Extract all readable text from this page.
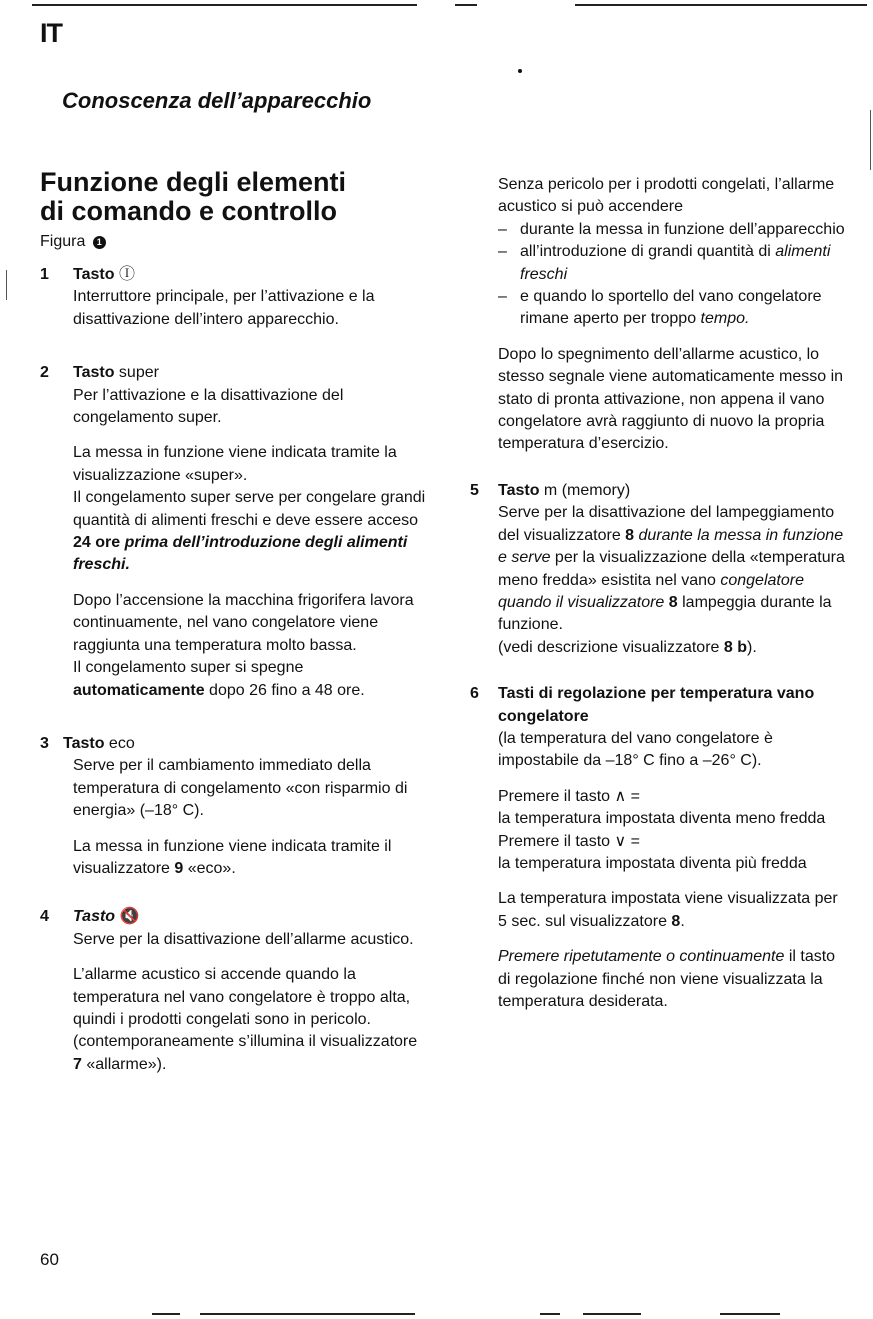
IT
Conoscenza dell’apparecchio
Funzione degli elementi
di comando e controllo
Figura 1
1	Tasto Ⓘ

Interruttore principale, per l’attivazione e la disattivazione dell’intero apparecchio.

2	Tasto super

Per l’attivazione e la disattivazione del congelamento super.

La messa in funzione viene indicata tramite la visualizzazione «super».

Il congelamento super serve per congelare grandi quantità di alimenti freschi e deve essere acceso 24 ore prima dell’introduzione degli alimenti freschi.

Dopo l’accensione la macchina frigorifera lavora continuamente, nel vano congelatore viene raggiunta una temperatura molto bassa.

Il congelamento super si spegne automaticamente dopo 26 fino a 48 ore.

3 Tasto eco

Serve per il cambiamento immediato della temperatura di congelamento «con risparmio di energia» (–18° C).

La messa in funzione viene indicata tramite il visualizzatore 9 «eco».

4	Tasto 🔇

Serve per la disattivazione dell’allarme acustico.

L’allarme acustico si accende quando la temperatura nel vano congelatore è troppo alta, quindi i prodotti congelati sono in pericolo.

(contemporaneamente s’illumina il visualizzatore 7 «allarme»).

Senza pericolo per i prodotti congelati, l’allarme acustico si può accendere

– durante la messa in funzione dell’apparecchio
– all’introduzione di grandi quantità di alimenti freschi
– e quando lo sportello del vano congelatore rimane aperto per troppo tempo.

Dopo lo spegnimento dell’allarme acustico, lo stesso segnale viene automaticamente messo in stato di pronta attivazione, non appena il vano congelatore avrà raggiunto di nuovo la propria temperatura d’esercizio.

5	Tasto m (memory)

Serve per la disattivazione del lampeggiamento del visualizzatore 8 durante la messa in funzione e serve per la visualizzazione della «temperatura meno fredda» esistita nel vano congelatore quando il visualizzatore 8 lampeggia durante la funzione.

(vedi descrizione visualizzatore 8 b).

6	Tasti di regolazione per temperatura vano congelatore

(la temperatura del vano congelatore è impostabile da –18° C fino a –26° C).

Premere il tasto ∧ =

la temperatura impostata diventa meno fredda

Premere il tasto ∨ =

la temperatura impostata diventa più fredda

La temperatura impostata viene visualizzata per 5 sec. sul visualizzatore 8.

Premere ripetutamente o continuamente il tasto di regolazione finché non viene visualizzata la temperatura desiderata.

60
